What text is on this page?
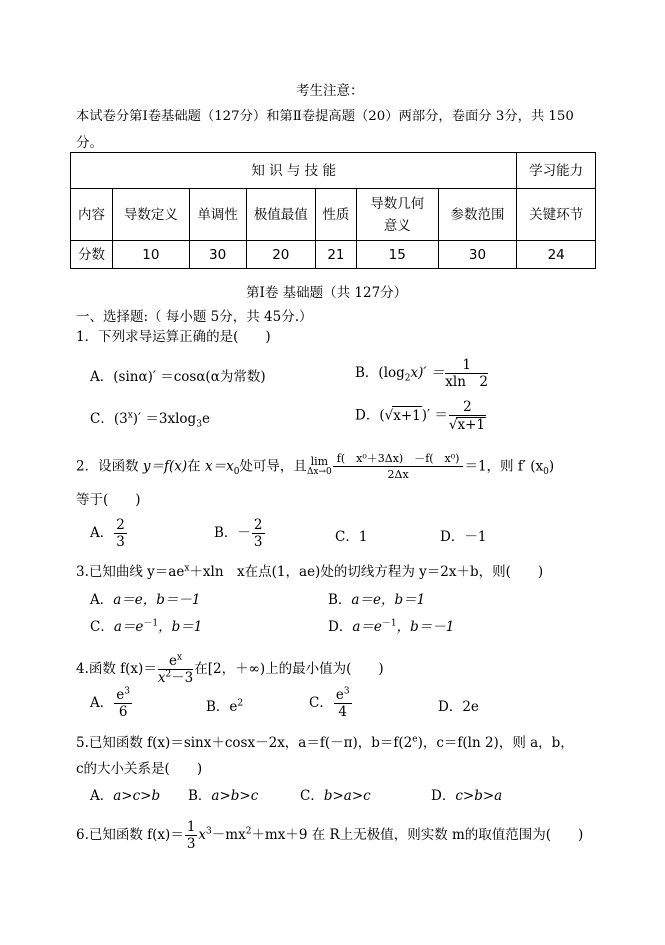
考生注意：
本试卷分第Ⅰ卷基础题（127分）和第Ⅱ卷提高题（20）两部分，卷面分 3分，共 150
分。
知 识 与 技 能							学习能力
内容	导数定义	单调性	极值最值	性质	导数几何意义	参数范围	关键环节
分数	10	30	20	21	15	30	24
第Ⅰ卷 基础题（共 127分）
一、选择题:（ 每小题 5分，共 45分.）
1．下列求导运算正确的是(　　)
A．(sinα)′ ＝cosα(α为常数)	B．$(\log_2x)' = \frac{1}{xln 2}$
C．$(3^x)' =3xlog_3e$	D．$(√x+1)' = \frac{2}{√x+1}$
2．设函数 y＝f(x)在 $x=x_0$处可导，且 lim
$\Delta x\to 0 \frac{\text{f(　x⁰＋3Δx)　－f(　x⁰)}}{2\Delta x} =1$，则 f′ $(x_0)$
等于(　　)
A． $\frac{2}{3}$	B．－ $\frac{2}{3}$	C．1	D．－1
3.已知曲线 $y=ae^x+xln$　x在点(1，ae)处的切线方程为 y＝2x＋b，则(　　)
A．a＝e，b＝－1	B．a＝e，b＝1
C．$a=e^{-1}$，b＝1	D．$a=e^{-1}$，b＝－1
4.函数 $f(x)= \frac{e^x}{x^2-3}$ 在[2，＋∞)上的最小值为(　　)
A． $\frac{e^3}{6}$	B．$e^2$	C． $\frac{e^3}{4}$	D．2e
5.已知函数 f(x)＝sinx＋cosx－2x，a＝f(－π)，$b=f(2^e)$，c＝f(ln 2)，则 a，b，
c的大小关系是(　　)
A．a>c>b B．a>b>c	C．b>a>c	D．c>b>a
6.已知函数 $f(x)= \frac{1}{3} x^3-mx^2+mx+9$ 在 R上无极值，则实数 m的取值范围为(　　)
